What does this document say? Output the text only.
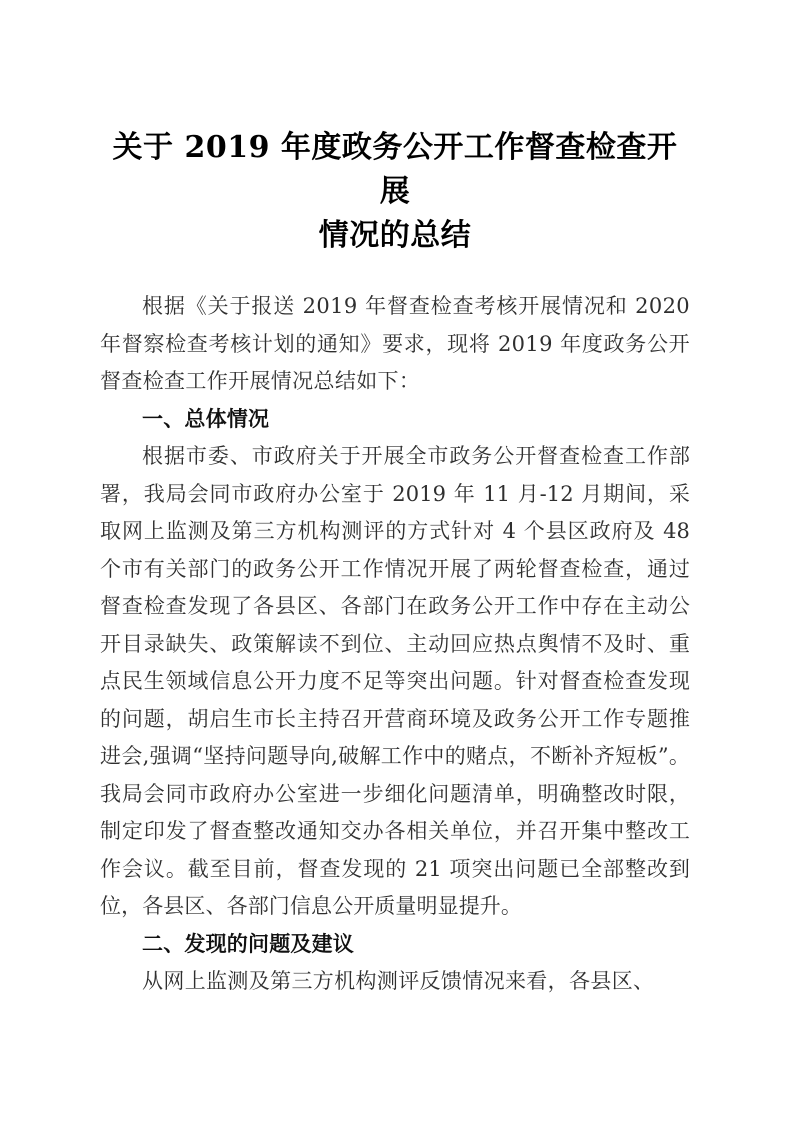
关于 2019 年度政务公开工作督查检查开展
情况的总结

根据《关于报送 2019 年督查检查考核开展情况和 2020 年督察检查考核计划的通知》要求，现将 2019 年度政务公开督查检查工作开展情况总结如下：

一、总体情况

根据市委、市政府关于开展全市政务公开督查检查工作部署，我局会同市政府办公室于 2019 年 11 月-12 月期间，采取网上监测及第三方机构测评的方式针对 4 个县区政府及 48 个市有关部门的政务公开工作情况开展了两轮督查检查，通过督查检查发现了各县区、各部门在政务公开工作中存在主动公开目录缺失、政策解读不到位、主动回应热点舆情不及时、重点民生领域信息公开力度不足等突出问题。针对督查检查发现的问题，胡启生市长主持召开营商环境及政务公开工作专题推进会,强调“坚持问题导向,破解工作中的赌点，不断补齐短板”。我局会同市政府办公室进一步细化问题清单，明确整改时限，制定印发了督查整改通知交办各相关单位，并召开集中整改工作会议。截至目前，督查发现的 21 项突出问题已全部整改到位，各县区、各部门信息公开质量明显提升。

二、发现的问题及建议

从网上监测及第三方机构测评反馈情况来看，各县区、
